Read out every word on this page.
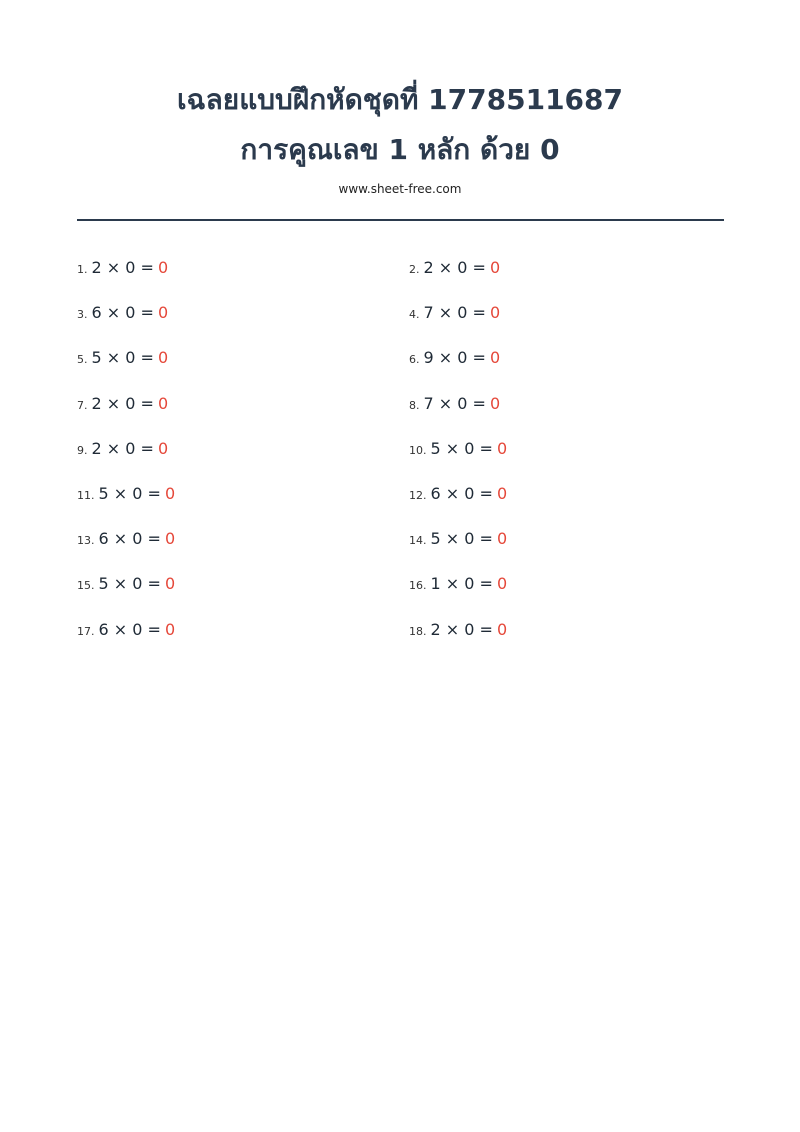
เฉลยแบบฝึกหัดชุดที่ 1778511687
การคูณเลข 1 หลัก ด้วย 0
www.sheet-free.com
1. 2 × 0 = 0	2. 2 × 0 = 0
3. 6 × 0 = 0	4. 7 × 0 = 0
5. 5 × 0 = 0	6. 9 × 0 = 0
7. 2 × 0 = 0	8. 7 × 0 = 0
9. 2 × 0 = 0	10. 5 × 0 = 0
11. 5 × 0 = 0	12. 6 × 0 = 0
13. 6 × 0 = 0	14. 5 × 0 = 0
15. 5 × 0 = 0	16. 1 × 0 = 0
17. 6 × 0 = 0	18. 2 × 0 = 0
